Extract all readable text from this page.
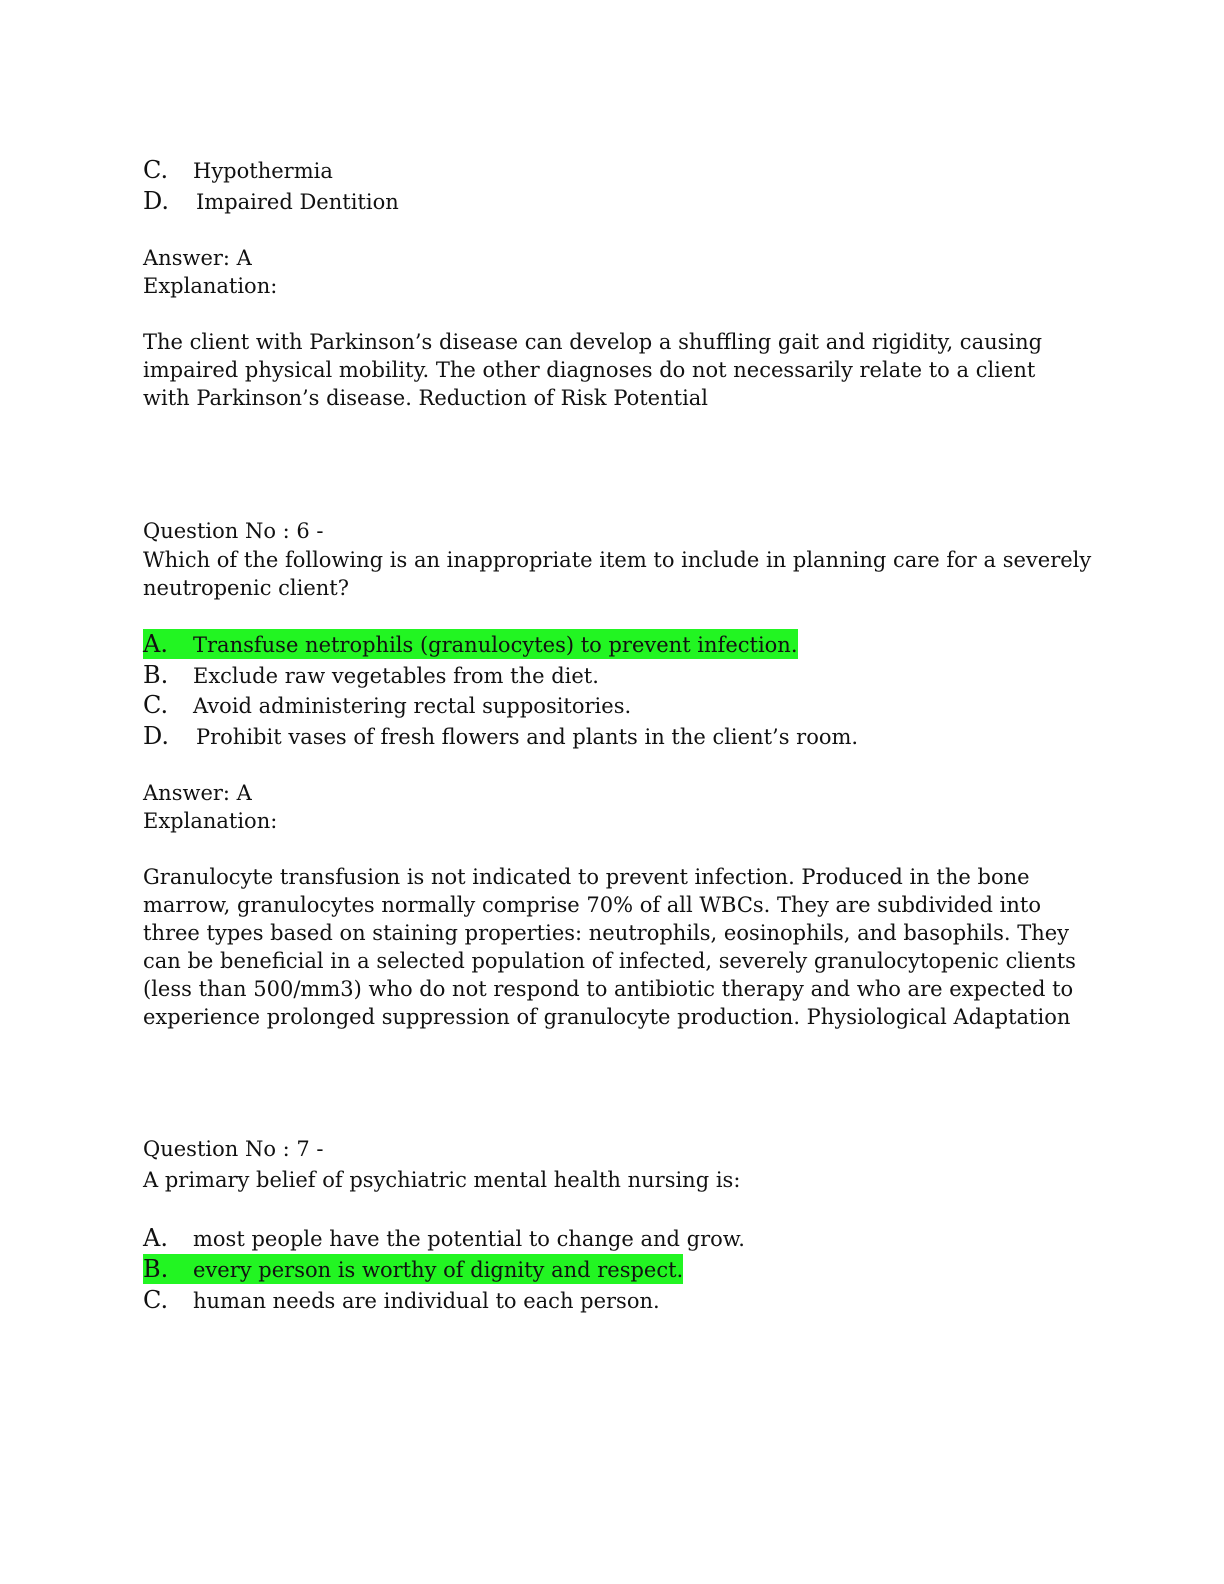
C. Hypothermia
D. Impaired Dentition
Answer: A
Explanation:
The client with Parkinson’s disease can develop a shuffling gait and rigidity, causing
impaired physical mobility. The other diagnoses do not necessarily relate to a client
with Parkinson’s disease. Reduction of Risk Potential
Question No : 6 -
Which of the following is an inappropriate item to include in planning care for a severely
neutropenic client?
A. Transfuse netrophils (granulocytes) to prevent infection.
B. Exclude raw vegetables from the diet.
C. Avoid administering rectal suppositories.
D. Prohibit vases of fresh flowers and plants in the client’s room.
Answer: A
Explanation:
Granulocyte transfusion is not indicated to prevent infection. Produced in the bone
marrow, granulocytes normally comprise 70% of all WBCs. They are subdivided into
three types based on staining properties: neutrophils, eosinophils, and basophils. They
can be beneficial in a selected population of infected, severely granulocytopenic clients
(less than 500/mm3) who do not respond to antibiotic therapy and who are expected to
experience prolonged suppression of granulocyte production. Physiological Adaptation
Question No : 7 -
A primary belief of psychiatric mental health nursing is:
A. most people have the potential to change and grow.
B. every person is worthy of dignity and respect.
C. human needs are individual to each person.
